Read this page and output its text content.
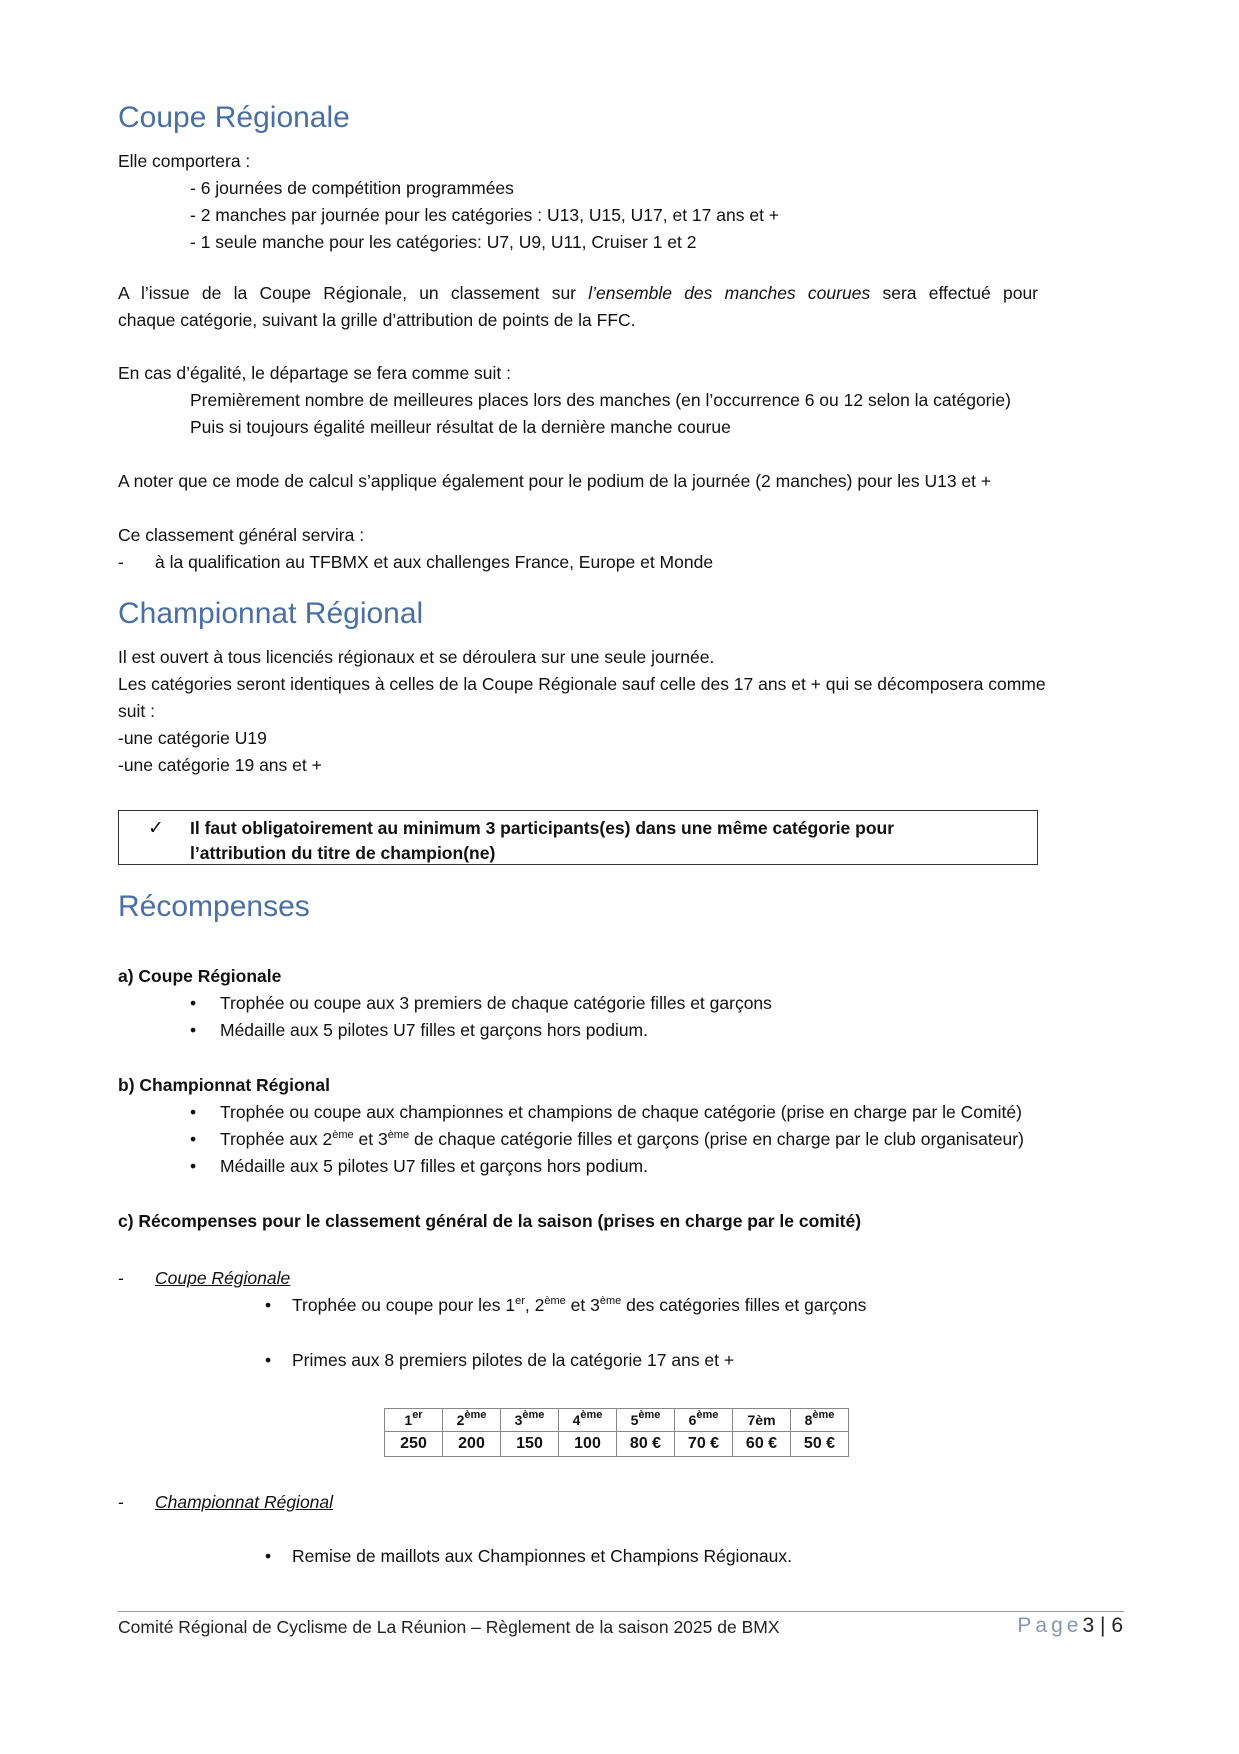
Coupe Régionale
Elle comportera :
- 6 journées de compétition programmées
- 2 manches par journée pour les catégories : U13, U15, U17, et 17 ans et +
- 1 seule manche pour les catégories: U7, U9, U11, Cruiser 1 et 2
A l’issue de la Coupe Régionale, un classement sur l’ensemble des manches courues sera effectué pour
chaque catégorie, suivant la grille d’attribution de points de la FFC.
En cas d’égalité, le départage se fera comme suit :
Premièrement nombre de meilleures places lors des manches (en l’occurrence 6 ou 12 selon la catégorie)
Puis si toujours égalité meilleur résultat de la dernière manche courue
A noter que ce mode de calcul s’applique également pour le podium de la journée (2 manches) pour les U13 et +
Ce classement général servira :
- à la qualification au TFBMX et aux challenges France, Europe et Monde
Championnat Régional
Il est ouvert à tous licenciés régionaux et se déroulera sur une seule journée.
Les catégories seront identiques à celles de la Coupe Régionale sauf celle des 17 ans et + qui se décomposera comme
suit :
-une catégorie U19
-une catégorie 19 ans et +
✓ Il faut obligatoirement au minimum 3 participants(es) dans une même catégorie pour
l’attribution du titre de champion(ne)
Récompenses
a) Coupe Régionale
• Trophée ou coupe aux 3 premiers de chaque catégorie filles et garçons
• Médaille aux 5 pilotes U7 filles et garçons hors podium.
b) Championnat Régional
• Trophée ou coupe aux championnes et champions de chaque catégorie (prise en charge par le Comité)
• Trophée aux 2ème et 3ème de chaque catégorie filles et garçons (prise en charge par le club organisateur)
• Médaille aux 5 pilotes U7 filles et garçons hors podium.
c) Récompenses pour le classement général de la saison (prises en charge par le comité)
- Coupe Régionale
• Trophée ou coupe pour les 1er, 2ème et 3ème des catégories filles et garçons
• Primes aux 8 premiers pilotes de la catégorie 17 ans et +
1er	2ème	3ème	4ème	5ème	6ème	7èm	8ème
250	200	150	100	80 €	70 €	60 €	50 €
- Championnat Régional
• Remise de maillots aux Championnes et Champions Régionaux.
Comité Régional de Cyclisme de La Réunion – Règlement de la saison 2025 de BMX	Page3 | 6
